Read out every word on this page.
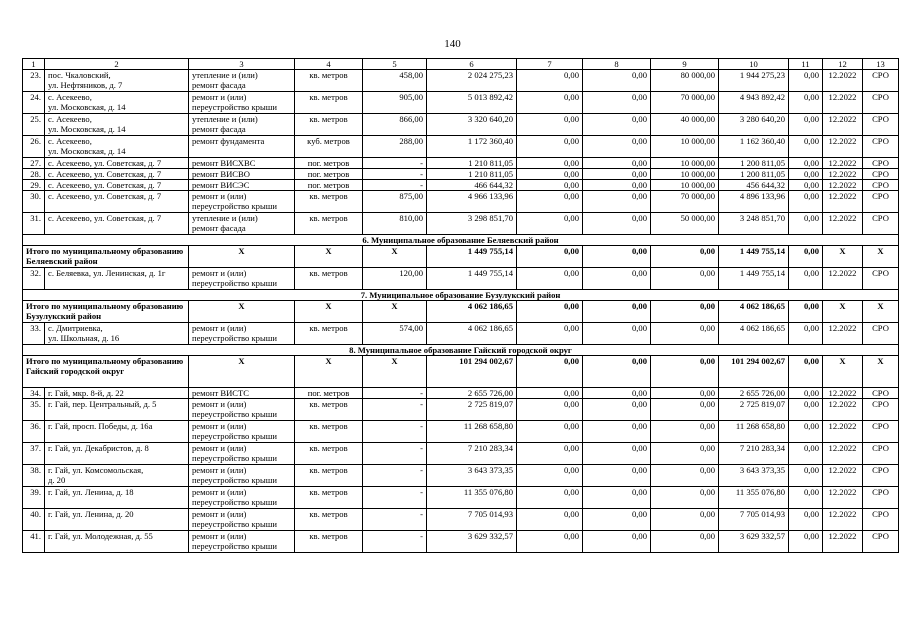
140
1	2	3	4	5	6	7	8	9	10	11	12	13
23.	пос. Чкаловский,
ул. Нефтяников, д. 7	утепление и (или)
ремонт фасада	кв. метров	458,00	2 024 275,23	0,00	0,00	80 000,00	1 944 275,23	0,00	12.2022	СРО
24.	с. Асекеево,
ул. Московская, д. 14	ремонт и (или)
переустройство крыши	кв. метров	905,00	5 013 892,42	0,00	0,00	70 000,00	4 943 892,42	0,00	12.2022	СРО
25.	с. Асекеево,
ул. Московская, д. 14	утепление и (или)
ремонт фасада	кв. метров	866,00	3 320 640,20	0,00	0,00	40 000,00	3 280 640,20	0,00	12.2022	СРО
26.	с. Асекеево,
ул. Московская, д. 14	ремонт фундамента	куб. метров	288,00	1 172 360,40	0,00	0,00	10 000,00	1 162 360,40	0,00	12.2022	СРО
27.	с. Асекеево, ул. Советская, д. 7	ремонт ВИСХВС	пог. метров	-	1 210 811,05	0,00	0,00	10 000,00	1 200 811,05	0,00	12.2022	СРО
28.	с. Асекеево, ул. Советская, д. 7	ремонт ВИСВО	пог. метров	-	1 210 811,05	0,00	0,00	10 000,00	1 200 811,05	0,00	12.2022	СРО
29.	с. Асекеево, ул. Советская, д. 7	ремонт ВИСЭС	пог. метров	-	466 644,32	0,00	0,00	10 000,00	456 644,32	0,00	12.2022	СРО
30.	с. Асекеево, ул. Советская, д. 7	ремонт и (или)
переустройство крыши	кв. метров	875,00	4 966 133,96	0,00	0,00	70 000,00	4 896 133,96	0,00	12.2022	СРО
31.	с. Асекеево, ул. Советская, д. 7	утепление и (или)
ремонт фасада	кв. метров	810,00	3 298 851,70	0,00	0,00	50 000,00	3 248 851,70	0,00	12.2022	СРО
6. Муниципальное образование Беляевский район												
Итого по муниципальному образованию Беляевский район		Х	Х	Х	1 449 755,14	0,00	0,00	0,00	1 449 755,14	0,00	Х	Х
32.	с. Беляевка, ул. Ленинская, д. 1г	ремонт и (или)
переустройство крыши	кв. метров	120,00	1 449 755,14	0,00	0,00	0,00	1 449 755,14	0,00	12.2022	СРО
7. Муниципальное образование Бузулукский район												
Итого по муниципальному образованию Бузулукский район		Х	Х	Х	4 062 186,65	0,00	0,00	0,00	4 062 186,65	0,00	Х	Х
33.	с. Дмитриевка,
ул. Школьная, д. 16	ремонт и (или)
переустройство крыши	кв. метров	574,00	4 062 186,65	0,00	0,00	0,00	4 062 186,65	0,00	12.2022	СРО
8. Муниципальное образование Гайский городской округ												
Итого по муниципальному образованию Гайский городской округ		Х	Х	Х	101 294 002,67	0,00	0,00	0,00	101 294 002,67	0,00	Х	Х
34.	г. Гай, мкр. 8-й, д. 22	ремонт ВИСТС	пог. метров	-	2 655 726,00	0,00	0,00	0,00	2 655 726,00	0,00	12.2022	СРО
35.	г. Гай, пер. Центральный, д. 5	ремонт и (или)
переустройство крыши	кв. метров	-	2 725 819,07	0,00	0,00	0,00	2 725 819,07	0,00	12.2022	СРО
36.	г. Гай, просп. Победы, д. 16а	ремонт и (или)
переустройство крыши	кв. метров	-	11 268 658,80	0,00	0,00	0,00	11 268 658,80	0,00	12.2022	СРО
37.	г. Гай, ул. Декабристов, д. 8	ремонт и (или)
переустройство крыши	кв. метров	-	7 210 283,34	0,00	0,00	0,00	7 210 283,34	0,00	12.2022	СРО
38.	г. Гай, ул. Комсомольская,
д. 20	ремонт и (или)
переустройство крыши	кв. метров	-	3 643 373,35	0,00	0,00	0,00	3 643 373,35	0,00	12.2022	СРО
39.	г. Гай, ул. Ленина, д. 18	ремонт и (или)
переустройство крыши	кв. метров	-	11 355 076,80	0,00	0,00	0,00	11 355 076,80	0,00	12.2022	СРО
40.	г. Гай, ул. Ленина, д. 20	ремонт и (или)
переустройство крыши	кв. метров	-	7 705 014,93	0,00	0,00	0,00	7 705 014,93	0,00	12.2022	СРО
41.	г. Гай, ул. Молодежная, д. 55	ремонт и (или)
переустройство крыши	кв. метров	-	3 629 332,57	0,00	0,00	0,00	3 629 332,57	0,00	12.2022	СРО
